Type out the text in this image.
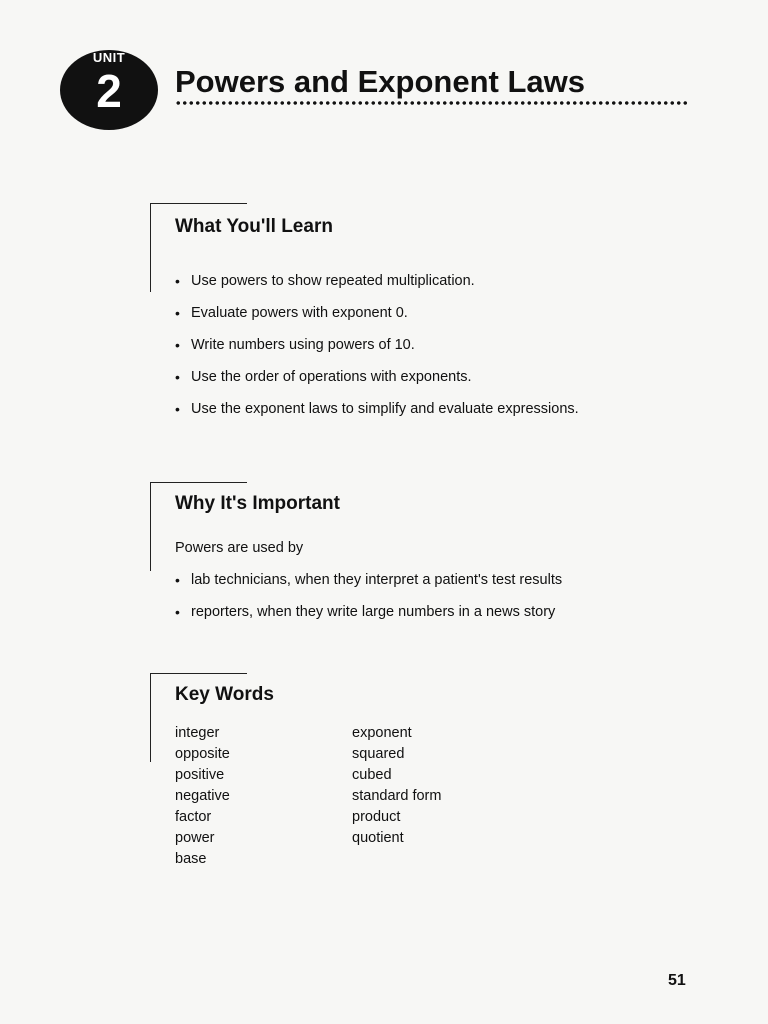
UNIT
2	Powers and Exponent Laws
What You'll Learn
• Use powers to show repeated multiplication.
• Evaluate powers with exponent 0.
• Write numbers using powers of 10.
• Use the order of operations with exponents.
• Use the exponent laws to simplify and evaluate expressions.
Why It's Important

Powers are used by

• lab technicians, when they interpret a patient's test results
• reporters, when they write large numbers in a news story
Key Words
integer
opposite
positive
negative
factor
power
base
exponent
squared
cubed
standard form
product
quotient
51
